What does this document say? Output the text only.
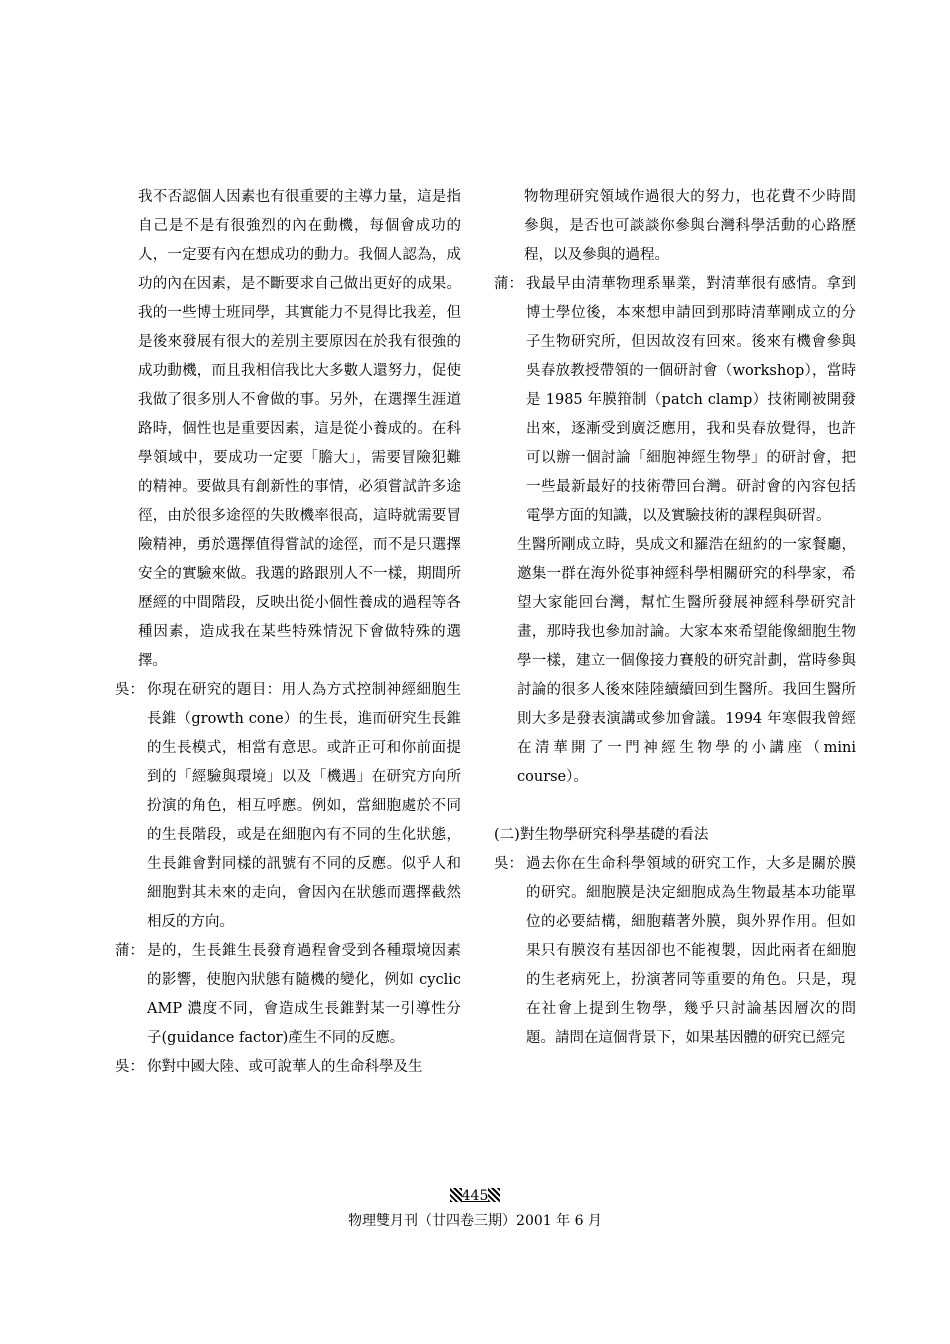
我不否認個人因素也有很重要的主導力量，這是指自己是不是有很強烈的內在動機，每個會成功的人，一定要有內在想成功的動力。我個人認為，成功的內在因素，是不斷要求自己做出更好的成果。我的一些博士班同學，其實能力不見得比我差，但是後來發展有很大的差別主要原因在於我有很強的成功動機，而且我相信我比大多數人還努力，促使我做了很多別人不會做的事。另外，在選擇生涯道路時，個性也是重要因素，這是從小養成的。在科學領域中，要成功一定要「膽大」，需要冒險犯難的精神。要做具有創新性的事情，必須嘗試許多途徑，由於很多途徑的失敗機率很高，這時就需要冒險精神，勇於選擇值得嘗試的途徑，而不是只選擇安全的實驗來做。我選的路跟別人不一樣，期間所歷經的中間階段，反映出從小個性養成的過程等各種因素，造成我在某些特殊情況下會做特殊的選擇。

吳： 你現在研究的題目：用人為方式控制神經細胞生長錐（growth cone）的生長，進而研究生長錐的生長模式，相當有意思。或許正可和你前面提到的「經驗與環境」以及「機遇」在研究方向所扮演的角色，相互呼應。例如，當細胞處於不同的生長階段，或是在細胞內有不同的生化狀態，生長錐會對同樣的訊號有不同的反應。似乎人和細胞對其未來的走向，會因內在狀態而選擇截然相反的方向。
蒲： 是的，生長錐生長發育過程會受到各種環境因素的影響，使胞內狀態有隨機的變化，例如 cyclic AMP 濃度不同，會造成生長錐對某一引導性分子(guidance factor)產生不同的反應。
吳： 你對中國大陸、或可說華人的生命科學及生

物物理研究領域作過很大的努力，也花費不少時間參與，是否也可談談你參與台灣科學活動的心路歷程，以及參與的過程。

蒲： 我最早由清華物理系畢業，對清華很有感情。拿到博士學位後，本來想申請回到那時清華剛成立的分子生物研究所，但因故沒有回來。後來有機會參與吳春放教授帶領的一個研討會（workshop），當時是 1985 年膜箝制（patch clamp）技術剛被開發出來，逐漸受到廣泛應用，我和吳春放覺得，也許可以辦一個討論「細胞神經生物學」的研討會，把一些最新最好的技術帶回台灣。研討會的內容包括電學方面的知識，以及實驗技術的課程與研習。

生醫所剛成立時，吳成文和羅浩在紐約的一家餐廳，邀集一群在海外從事神經科學相關研究的科學家，希望大家能回台灣，幫忙生醫所發展神經科學研究計畫，那時我也參加討論。大家本來希望能像細胞生物學一樣，建立一個像接力賽般的研究計劃，當時參與討論的很多人後來陸陸續續回到生醫所。我回生醫所則大多是發表演講或參加會議。1994 年寒假我曾經在清華開了一門神經生物學的小講座（mini course）。

(二)對生物學研究科學基礎的看法

吳： 過去你在生命科學領域的研究工作，大多是關於膜的研究。細胞膜是決定細胞成為生物最基本功能單位的必要結構，細胞藉著外膜，與外界作用。但如果只有膜沒有基因卻也不能複製，因此兩者在細胞的生老病死上，扮演著同等重要的角色。只是，現在社會上提到生物學，幾乎只討論基因層次的問題。請問在這個背景下，如果基因體的研究已經完
445
物理雙月刊（廿四卷三期）2001 年 6 月
